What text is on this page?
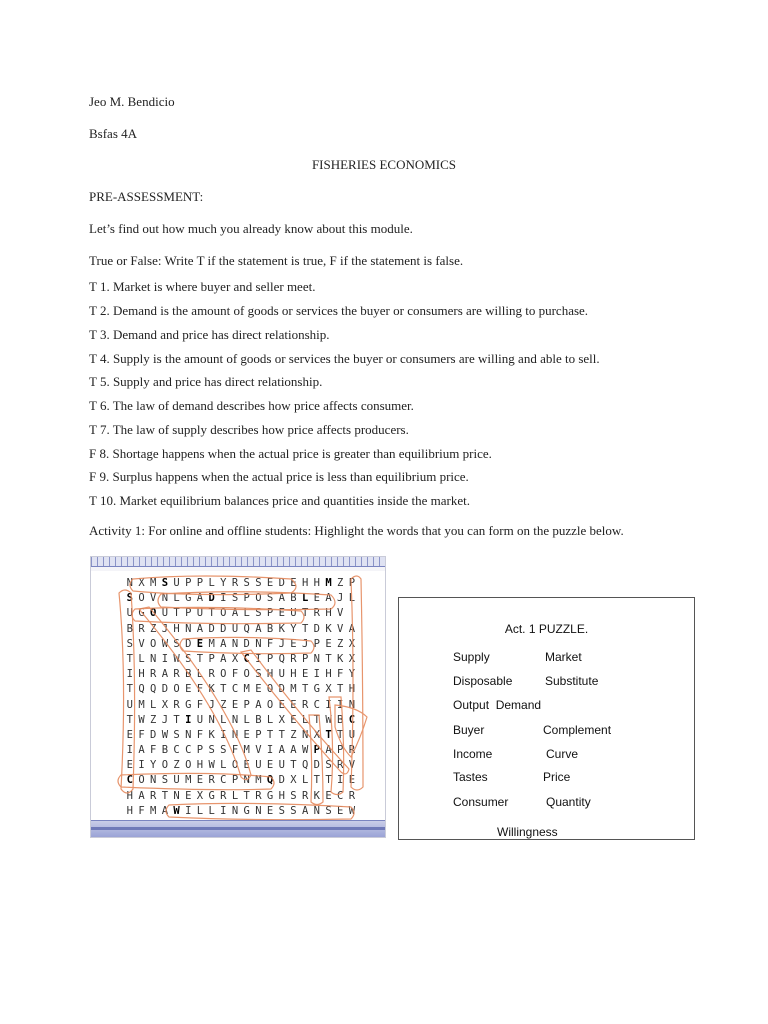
Jeo M. Bendicio
Bsfas 4A
FISHERIES ECONOMICS
PRE-ASSESSMENT:
Let’s find out how much you already know about this module.
True or False: Write T if the statement is true, F if the statement is false.
T 1. Market is where buyer and seller meet.
T 2. Demand is the amount of goods or services the buyer or consumers are willing to purchase.
T 3. Demand and price has direct relationship.
T 4. Supply is the amount of goods or services the buyer or consumers are willing and able to sell.
T 5. Supply and price has direct relationship.
T 6. The law of demand describes how price affects consumer.
T 7. The law of supply describes how price affects producers.
F 8. Shortage happens when the actual price is greater than equilibrium price.
F 9. Surplus happens when the actual price is less than equilibrium price.
T 10. Market equilibrium balances price and quantities inside the market.
Activity 1: For online and offline students: Highlight the words that you can form on the puzzle below.
N X M S U P P L Y R S S E D E H H M Z P
S O V N L G A D I S P O S A B L E A J L
U G O U T P U T O A L S P E U T R H V
B R Z J H N A D D U Q A B K Y T D K V A
S V O W S D E M A N D N F J E J P E Z X
T L N I W S T P A X C I P Q R P N T K X
I H R A R B L R O F O S H U H E I H F Y
T Q Q D O E F K T C M E O D M T G X T H
U M L X R G F J Z E P A O E E R C I I N
T W Z J T I U N L N L B L X E L T W B C
E F D W S N F K I N E P T T Z N X T T U
I A F B C C P S S F M V I A A W P A P R
E I Y O Z O H W L O E U E U T Q D S R V
C O N S U M E R C P N M Q D X L T T I E
H A R T N E X G R L T R G H S R K E C R
H F M A W I L L I N G N E S S A N S E W
Act. 1 PUZZLE.
Supply	Market
Disposable	Substitute
Output  Demand
Buyer	Complement
Income	Curve
Tastes	Price
Consumer	Quantity
Willingness
